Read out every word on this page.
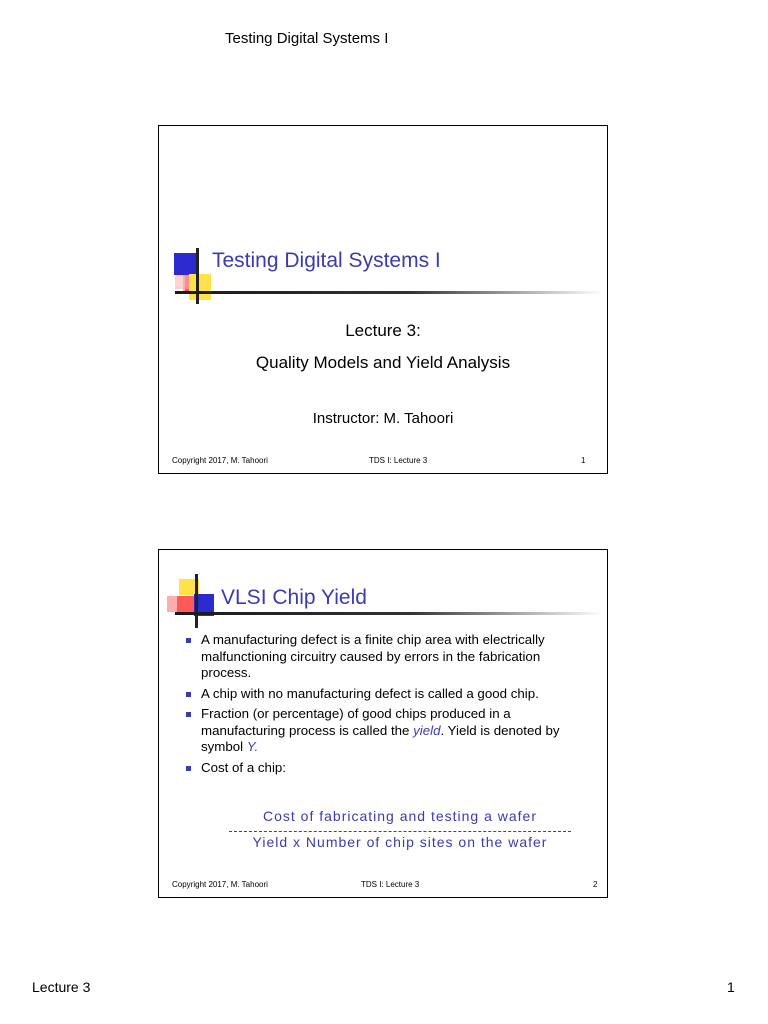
Testing Digital Systems I
Testing Digital Systems I
Lecture 3:
Quality Models and Yield Analysis
Instructor: M. Tahoori
Copyright 2017, M. Tahoori	TDS I: Lecture 3	1
VLSI Chip Yield
A manufacturing defect is a finite chip area with electrically malfunctioning circuitry caused by errors in the fabrication process.
A chip with no manufacturing defect is called a good chip.
Fraction (or percentage) of good chips produced in a manufacturing process is called the yield. Yield is denoted by symbol Y.
Cost of a chip:
Cost of fabricating and testing a wafer
Yield x Number of chip sites on the wafer
Copyright 2017, M. Tahoori	TDS I: Lecture 3	2
Lecture 3	1
